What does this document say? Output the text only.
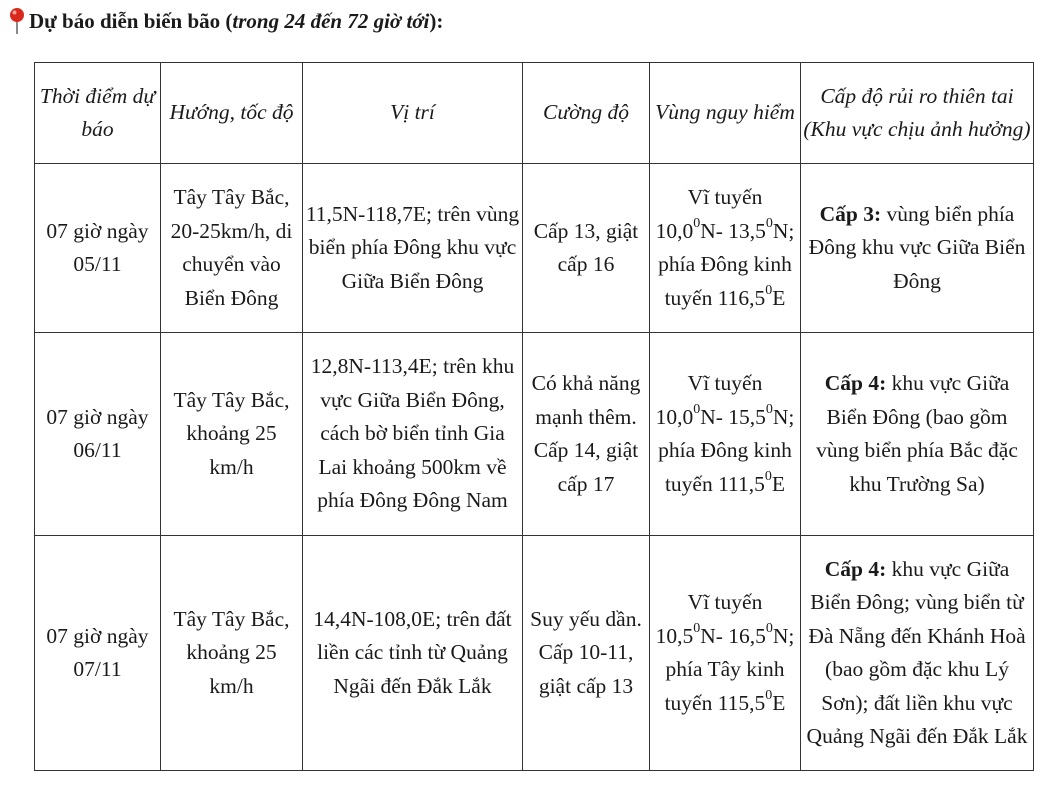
Dự báo diễn biến bão ( trong 24 đến 72 giờ tới ):
Thời điểm dự báo	Hướng, tốc độ	Vị trí	Cường độ	Vùng nguy hiểm	Cấp độ rủi ro thiên tai (Khu vực chịu ảnh hưởng)
07 giờ ngày 05/11	Tây Tây Bắc, 20-25km/h, di chuyển vào Biển Đông	11,5N-118,7E; trên vùng biển phía Đông khu vực Giữa Biển Đông	Cấp 13, giật cấp 16	Vĩ tuyến 10,0$^0$N- 13,5$^0$N; phía Đông kinh tuyến 116,5$^0$E	Cấp 3: vùng biển phía Đông khu vực Giữa Biển Đông
07 giờ ngày 06/11	Tây Tây Bắc, khoảng 25 km/h	12,8N-113,4E; trên khu vực Giữa Biển Đông, cách bờ biển tỉnh Gia Lai khoảng 500km về phía Đông Đông Nam	Có khả năng mạnh thêm. Cấp 14, giật cấp 17	Vĩ tuyến 10,0$^0$N- 15,5$^0$N; phía Đông kinh tuyến 111,5$^0$E	Cấp 4: khu vực Giữa Biển Đông (bao gồm vùng biển phía Bắc đặc khu Trường Sa)
07 giờ ngày 07/11	Tây Tây Bắc, khoảng 25 km/h	14,4N-108,0E; trên đất liền các tỉnh từ Quảng Ngãi đến Đắk Lắk	Suy yếu dần. Cấp 10-11, giật cấp 13	Vĩ tuyến 10,5$^0$N- 16,5$^0$N; phía Tây kinh tuyến 115,5$^0$E	Cấp 4: khu vực Giữa Biển Đông; vùng biển từ Đà Nẵng đến Khánh Hoà (bao gồm đặc khu Lý Sơn); đất liền khu vực Quảng Ngãi đến Đắk Lắk
